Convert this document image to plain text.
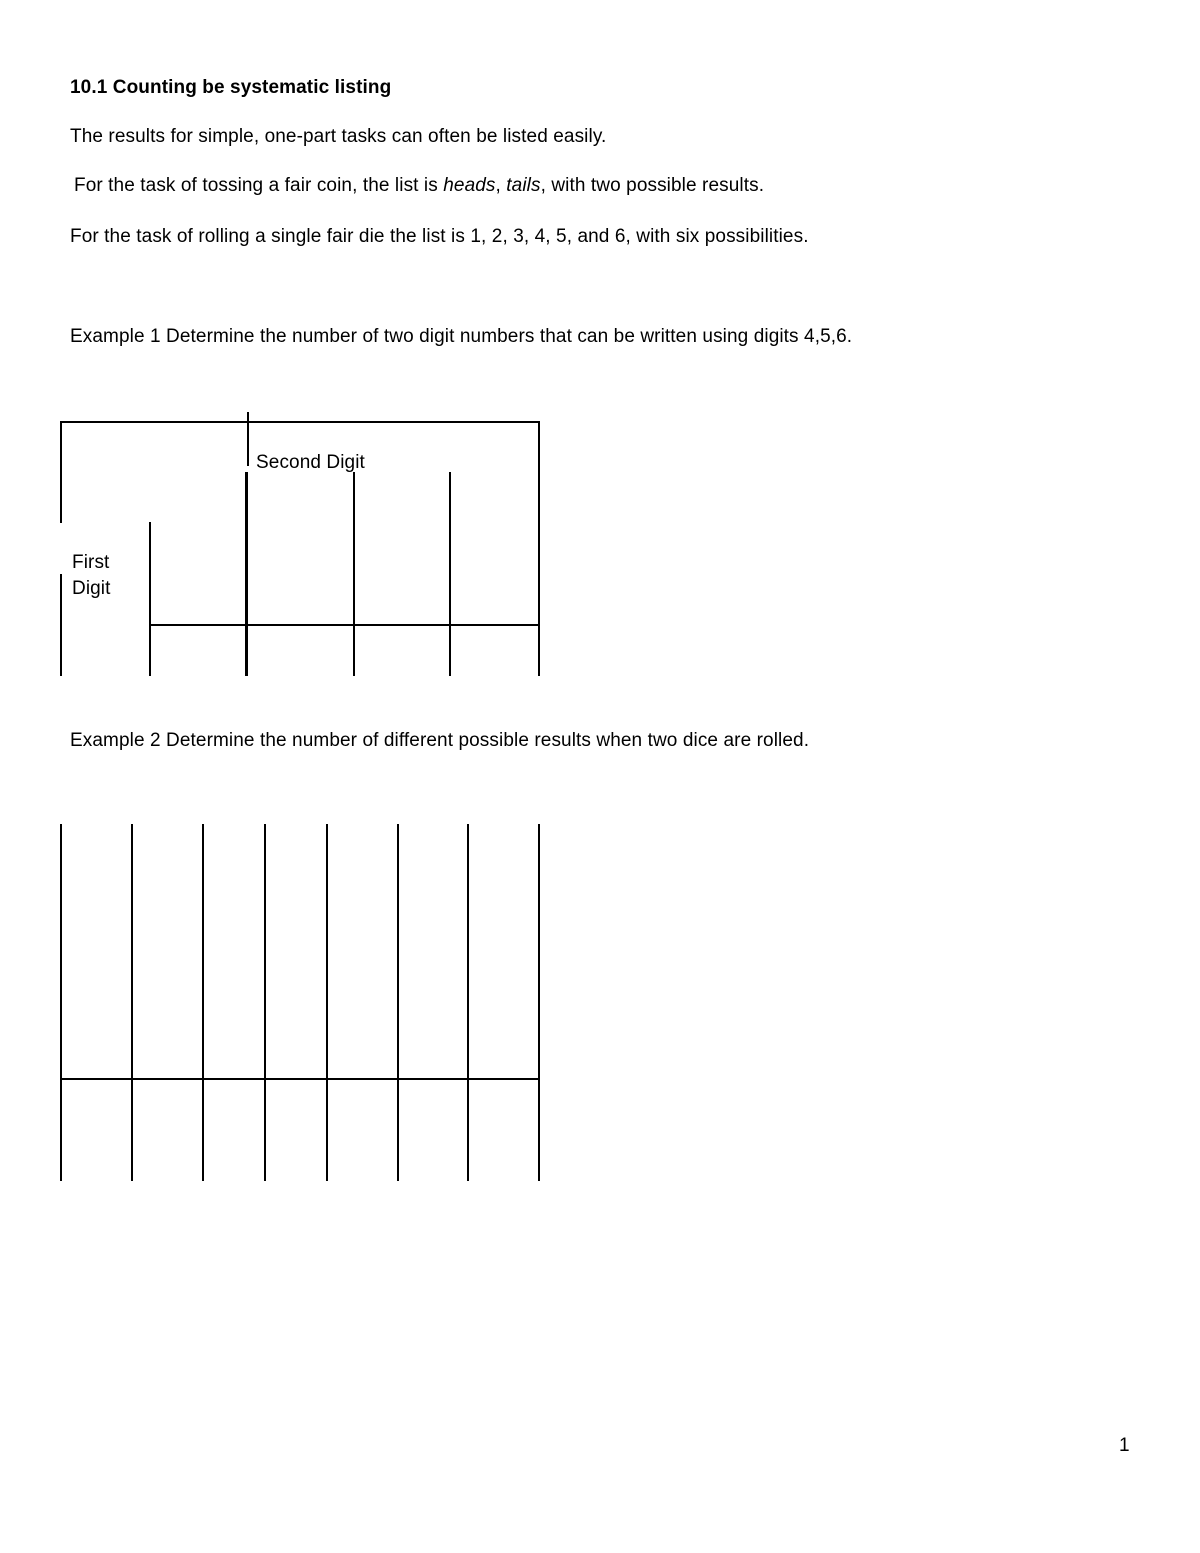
10.1 Counting be systematic listing
The results for simple, one-part tasks can often be listed easily.
For the task of tossing a fair coin, the list is heads, tails, with two possible results.
For the task of rolling a single fair die the list is 1, 2, 3, 4, 5, and 6, with six possibilities.
Example 1 Determine the number of two digit numbers that can be written using digits 4,5,6.
Second Digit
First
Digit
Example 2 Determine the number of different possible results when two dice are rolled.
1
